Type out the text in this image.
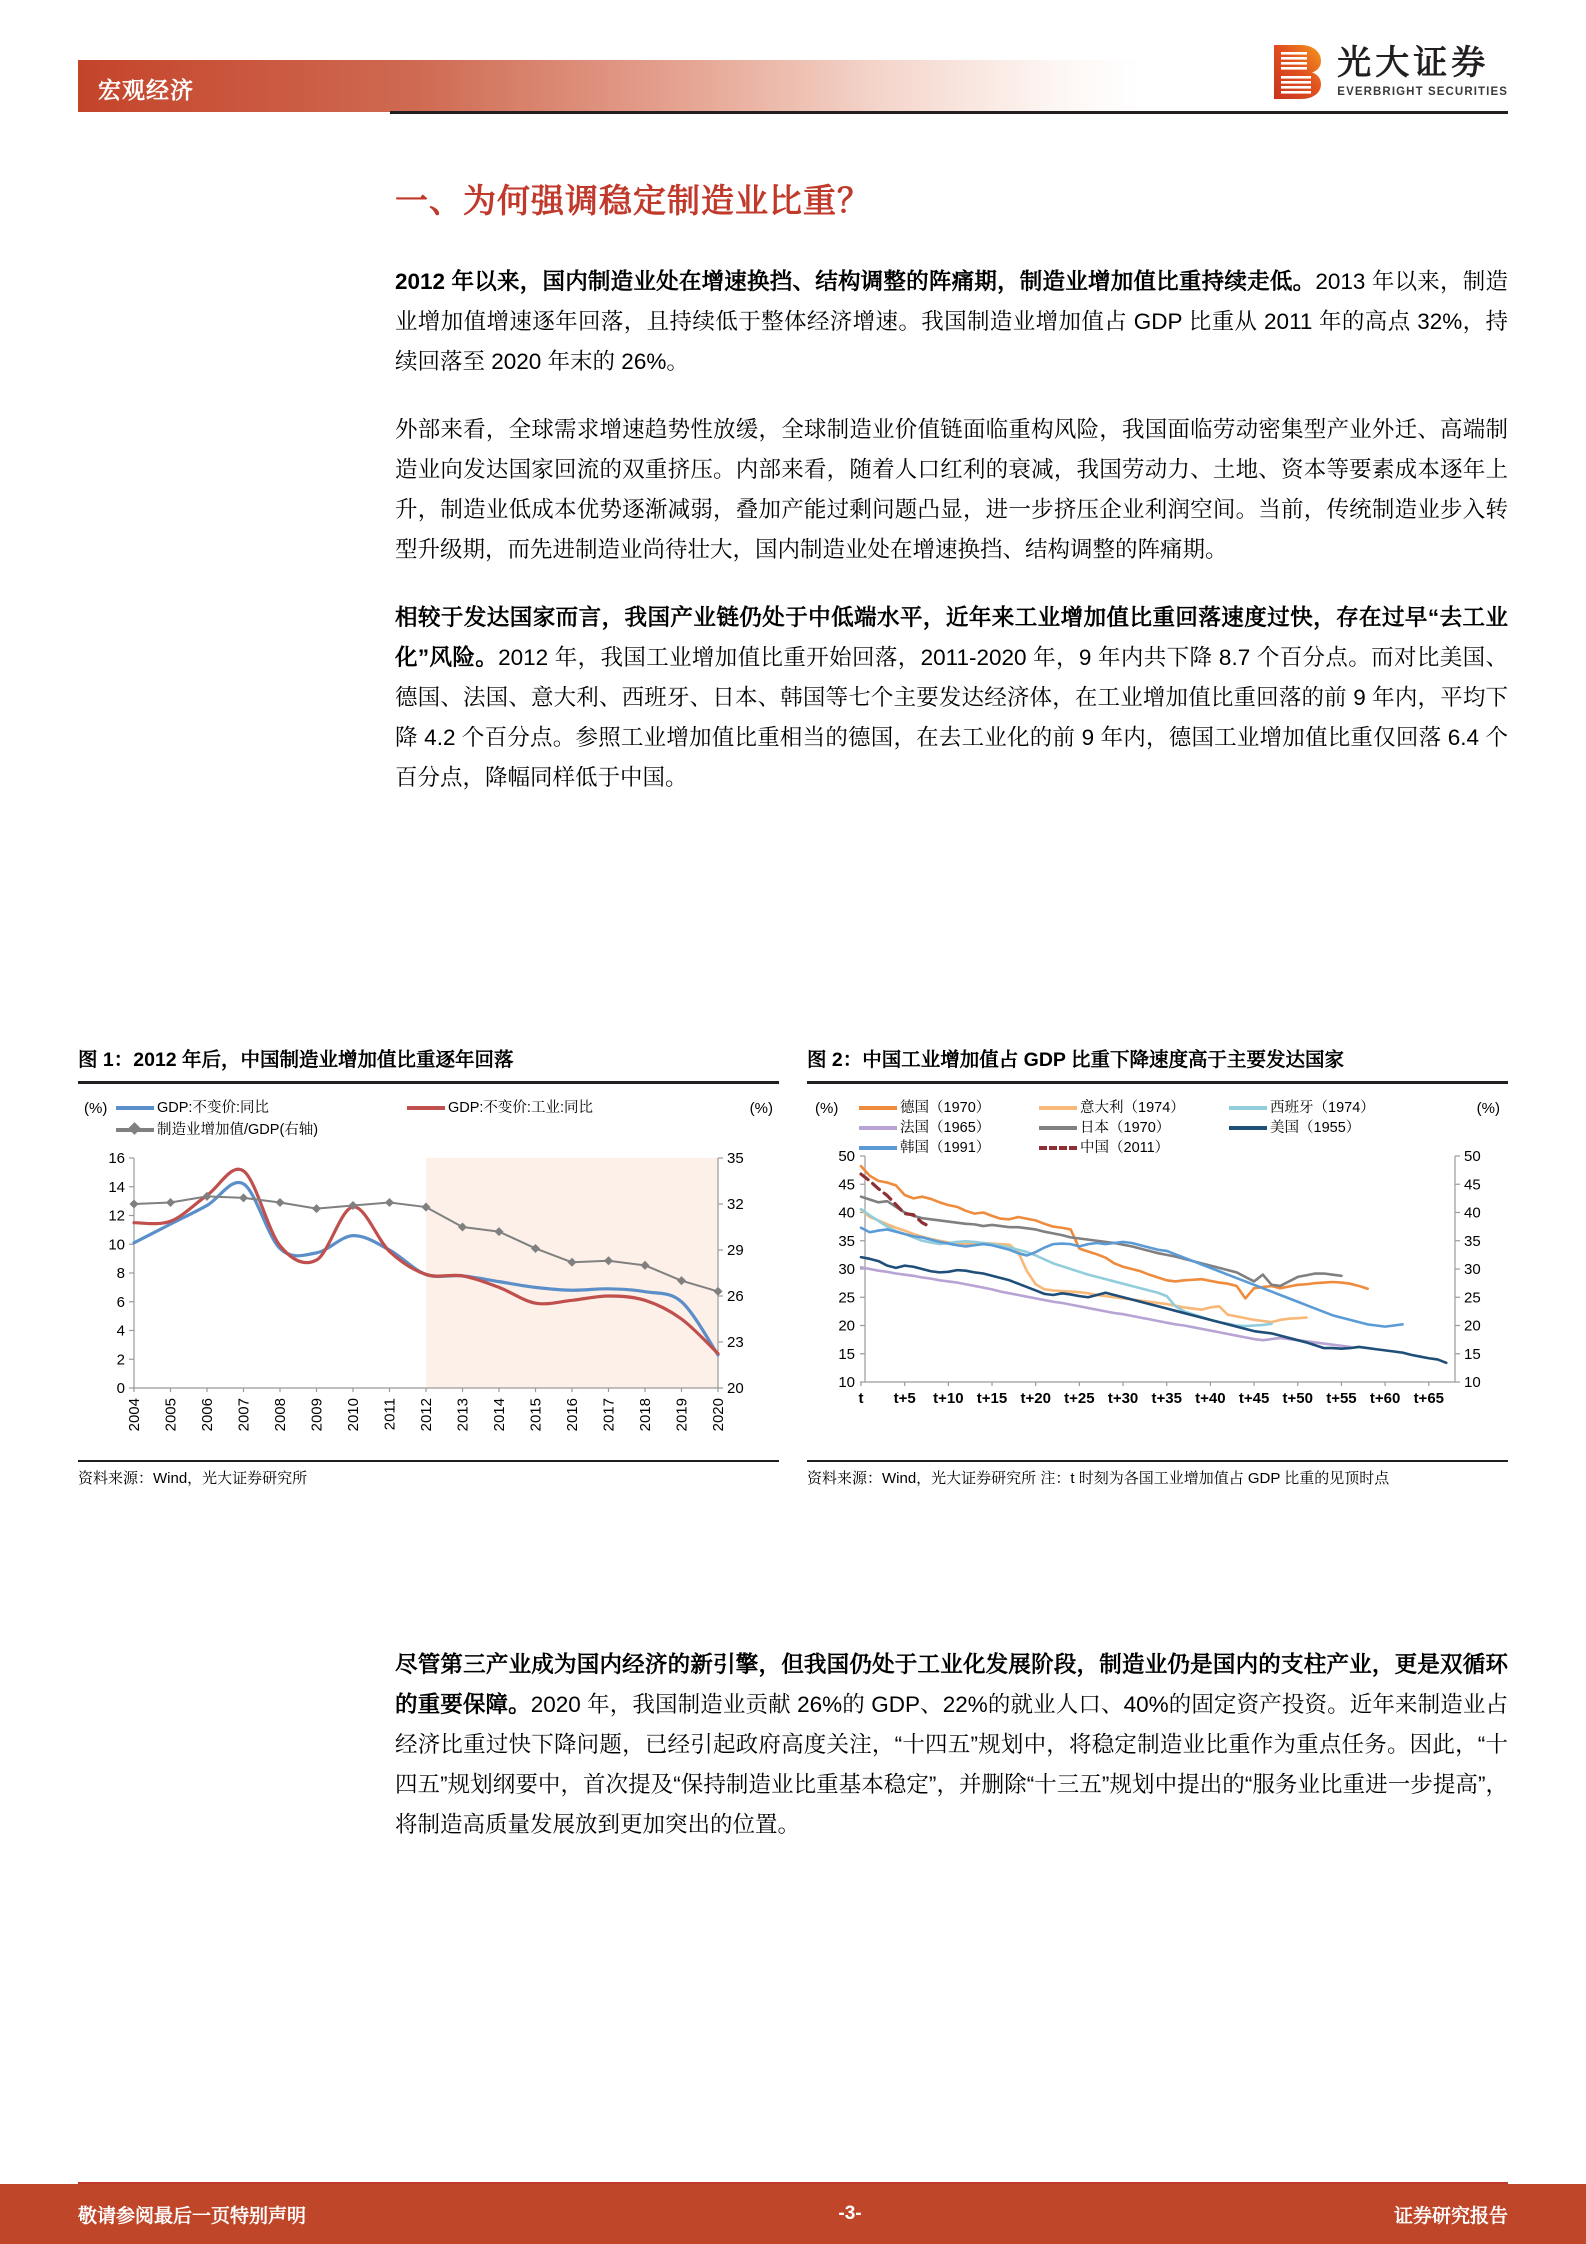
宏观经济
光大证券
EVERBRIGHT SECURITIES
一、为何强调稳定制造业比重？

2012 年以来，国内制造业处在增速换挡、结构调整的阵痛期，制造业增加值比重持续走低。2013 年以来，制造业增加值增速逐年回落，且持续低于整体经济增速。我国制造业增加值占 GDP 比重从 2011 年的高点 32%，持续回落至 2020 年末的 26%。

外部来看，全球需求增速趋势性放缓，全球制造业价值链面临重构风险，我国面临劳动密集型产业外迁、高端制造业向发达国家回流的双重挤压。内部来看，随着人口红利的衰减，我国劳动力、土地、资本等要素成本逐年上升，制造业低成本优势逐渐减弱，叠加产能过剩问题凸显，进一步挤压企业利润空间。当前，传统制造业步入转型升级期，而先进制造业尚待壮大，国内制造业处在增速换挡、结构调整的阵痛期。

相较于发达国家而言，我国产业链仍处于中低端水平，近年来工业增加值比重回落速度过快，存在过早“去工业化”风险。2012 年，我国工业增加值比重开始回落，2011-2020 年，9 年内共下降 8.7 个百分点。而对比美国、德国、法国、意大利、西班牙、日本、韩国等七个主要发达经济体，在工业增加值比重回落的前 9 年内，平均下降 4.2 个百分点。参照工业增加值比重相当的德国，在去工业化的前 9 年内，德国工业增加值比重仅回落 6.4 个百分点，降幅同样低于中国。

图 1：2012 年后，中国制造业增加值比重逐年回落
GDP:不变价:同比	GDP:不变价:工业:同比
制造业增加值/GDP(右轴)
(%)	(%)
0
2
4
6
8
10
12
14
16
20
23
26
29
32
35
2004 2005 2006 2007 2008 2009 2010 2011 2012 2013 2014 2015 2016 2017 2018 2019 2020
资料来源：Wind，光大证券研究所
图 2：中国工业增加值占 GDP 比重下降速度高于主要发达国家
德国（1970）	意大利（1974）	西班牙（1974）
法国（1965）	日本（1970）	美国（1955）
韩国（1991）	中国（2011）
(%)	(%)
10	10
15	15
20	20
25	25
30	30
35	35
40	40
45	45
50	50
t t+5 t+10 t+15 t+20 t+25 t+30 t+35 t+40 t+45 t+50 t+55 t+60 t+65
资料来源：Wind，光大证券研究所 注：t 时刻为各国工业增加值占 GDP 比重的见顶时点

尽管第三产业成为国内经济的新引擎，但我国仍处于工业化发展阶段，制造业仍是国内的支柱产业，更是双循环的重要保障。2020 年，我国制造业贡献 26%的 GDP、22%的就业人口、40%的固定资产投资。近年来制造业占经济比重过快下降问题，已经引起政府高度关注，“十四五”规划中，将稳定制造业比重作为重点任务。因此，“十四五”规划纲要中，首次提及“保持制造业比重基本稳定”，并删除“十三五”规划中提出的“服务业比重进一步提高”，将制造高质量发展放到更加突出的位置。

敬请参阅最后一页特别声明	-3-	证券研究报告
